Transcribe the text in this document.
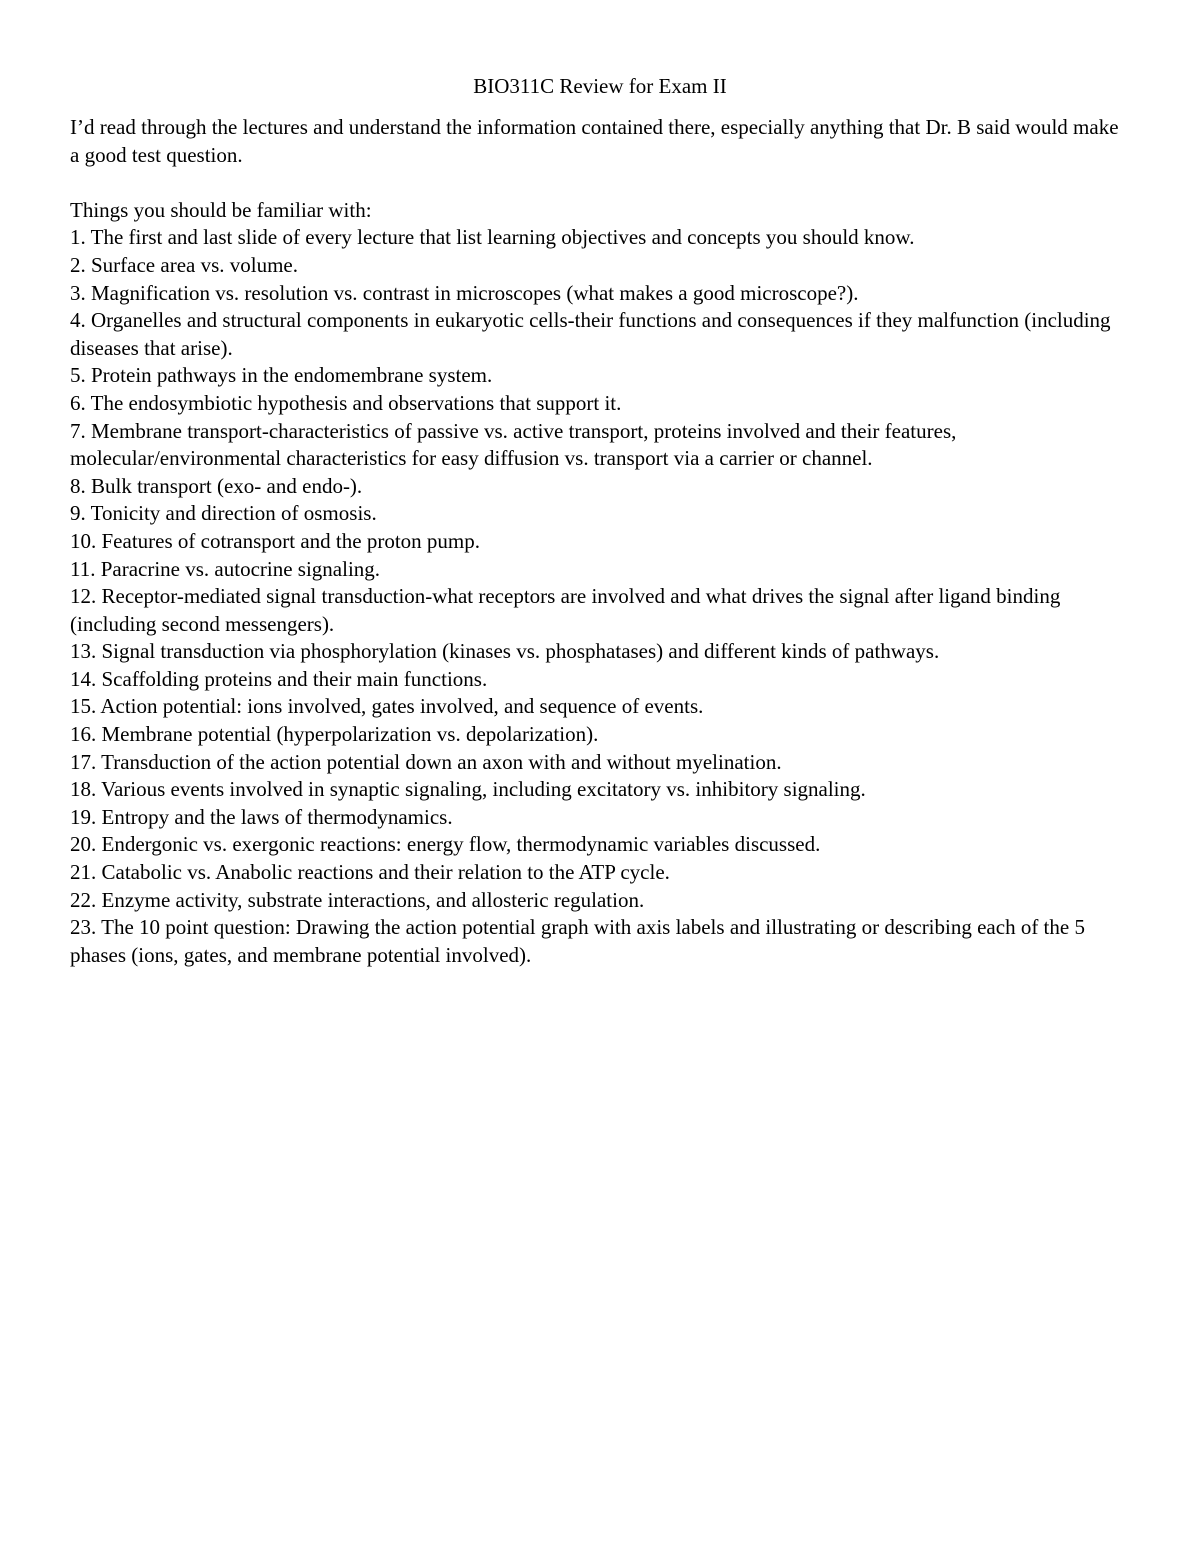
BIO311C Review for Exam II

I’d read through the lectures and understand the information contained there, especially anything that Dr. B said would make a good test question.

Things you should be familiar with:

1. The first and last slide of every lecture that list learning objectives and concepts you should know.
2. Surface area vs. volume.
3. Magnification vs. resolution vs. contrast in microscopes (what makes a good microscope?).
4. Organelles and structural components in eukaryotic cells-their functions and consequences if they malfunction (including diseases that arise).
5. Protein pathways in the endomembrane system.
6. The endosymbiotic hypothesis and observations that support it.
7. Membrane transport-characteristics of passive vs. active transport, proteins involved and their features, molecular/environmental characteristics for easy diffusion vs. transport via a carrier or channel.
8. Bulk transport (exo- and endo-).
9. Tonicity and direction of osmosis.
10. Features of cotransport and the proton pump.
11. Paracrine vs. autocrine signaling.
12. Receptor-mediated signal transduction-what receptors are involved and what drives the signal after ligand binding (including second messengers).
13. Signal transduction via phosphorylation (kinases vs. phosphatases) and different kinds of pathways.
14. Scaffolding proteins and their main functions.
15. Action potential: ions involved, gates involved, and sequence of events.
16. Membrane potential (hyperpolarization vs. depolarization).
17. Transduction of the action potential down an axon with and without myelination.
18. Various events involved in synaptic signaling, including excitatory vs. inhibitory signaling.
19. Entropy and the laws of thermodynamics.
20. Endergonic vs. exergonic reactions: energy flow, thermodynamic variables discussed.
21. Catabolic vs. Anabolic reactions and their relation to the ATP cycle.
22. Enzyme activity, substrate interactions, and allosteric regulation.
23. The 10 point question: Drawing the action potential graph with axis labels and illustrating or describing each of the 5 phases (ions, gates, and membrane potential involved).
